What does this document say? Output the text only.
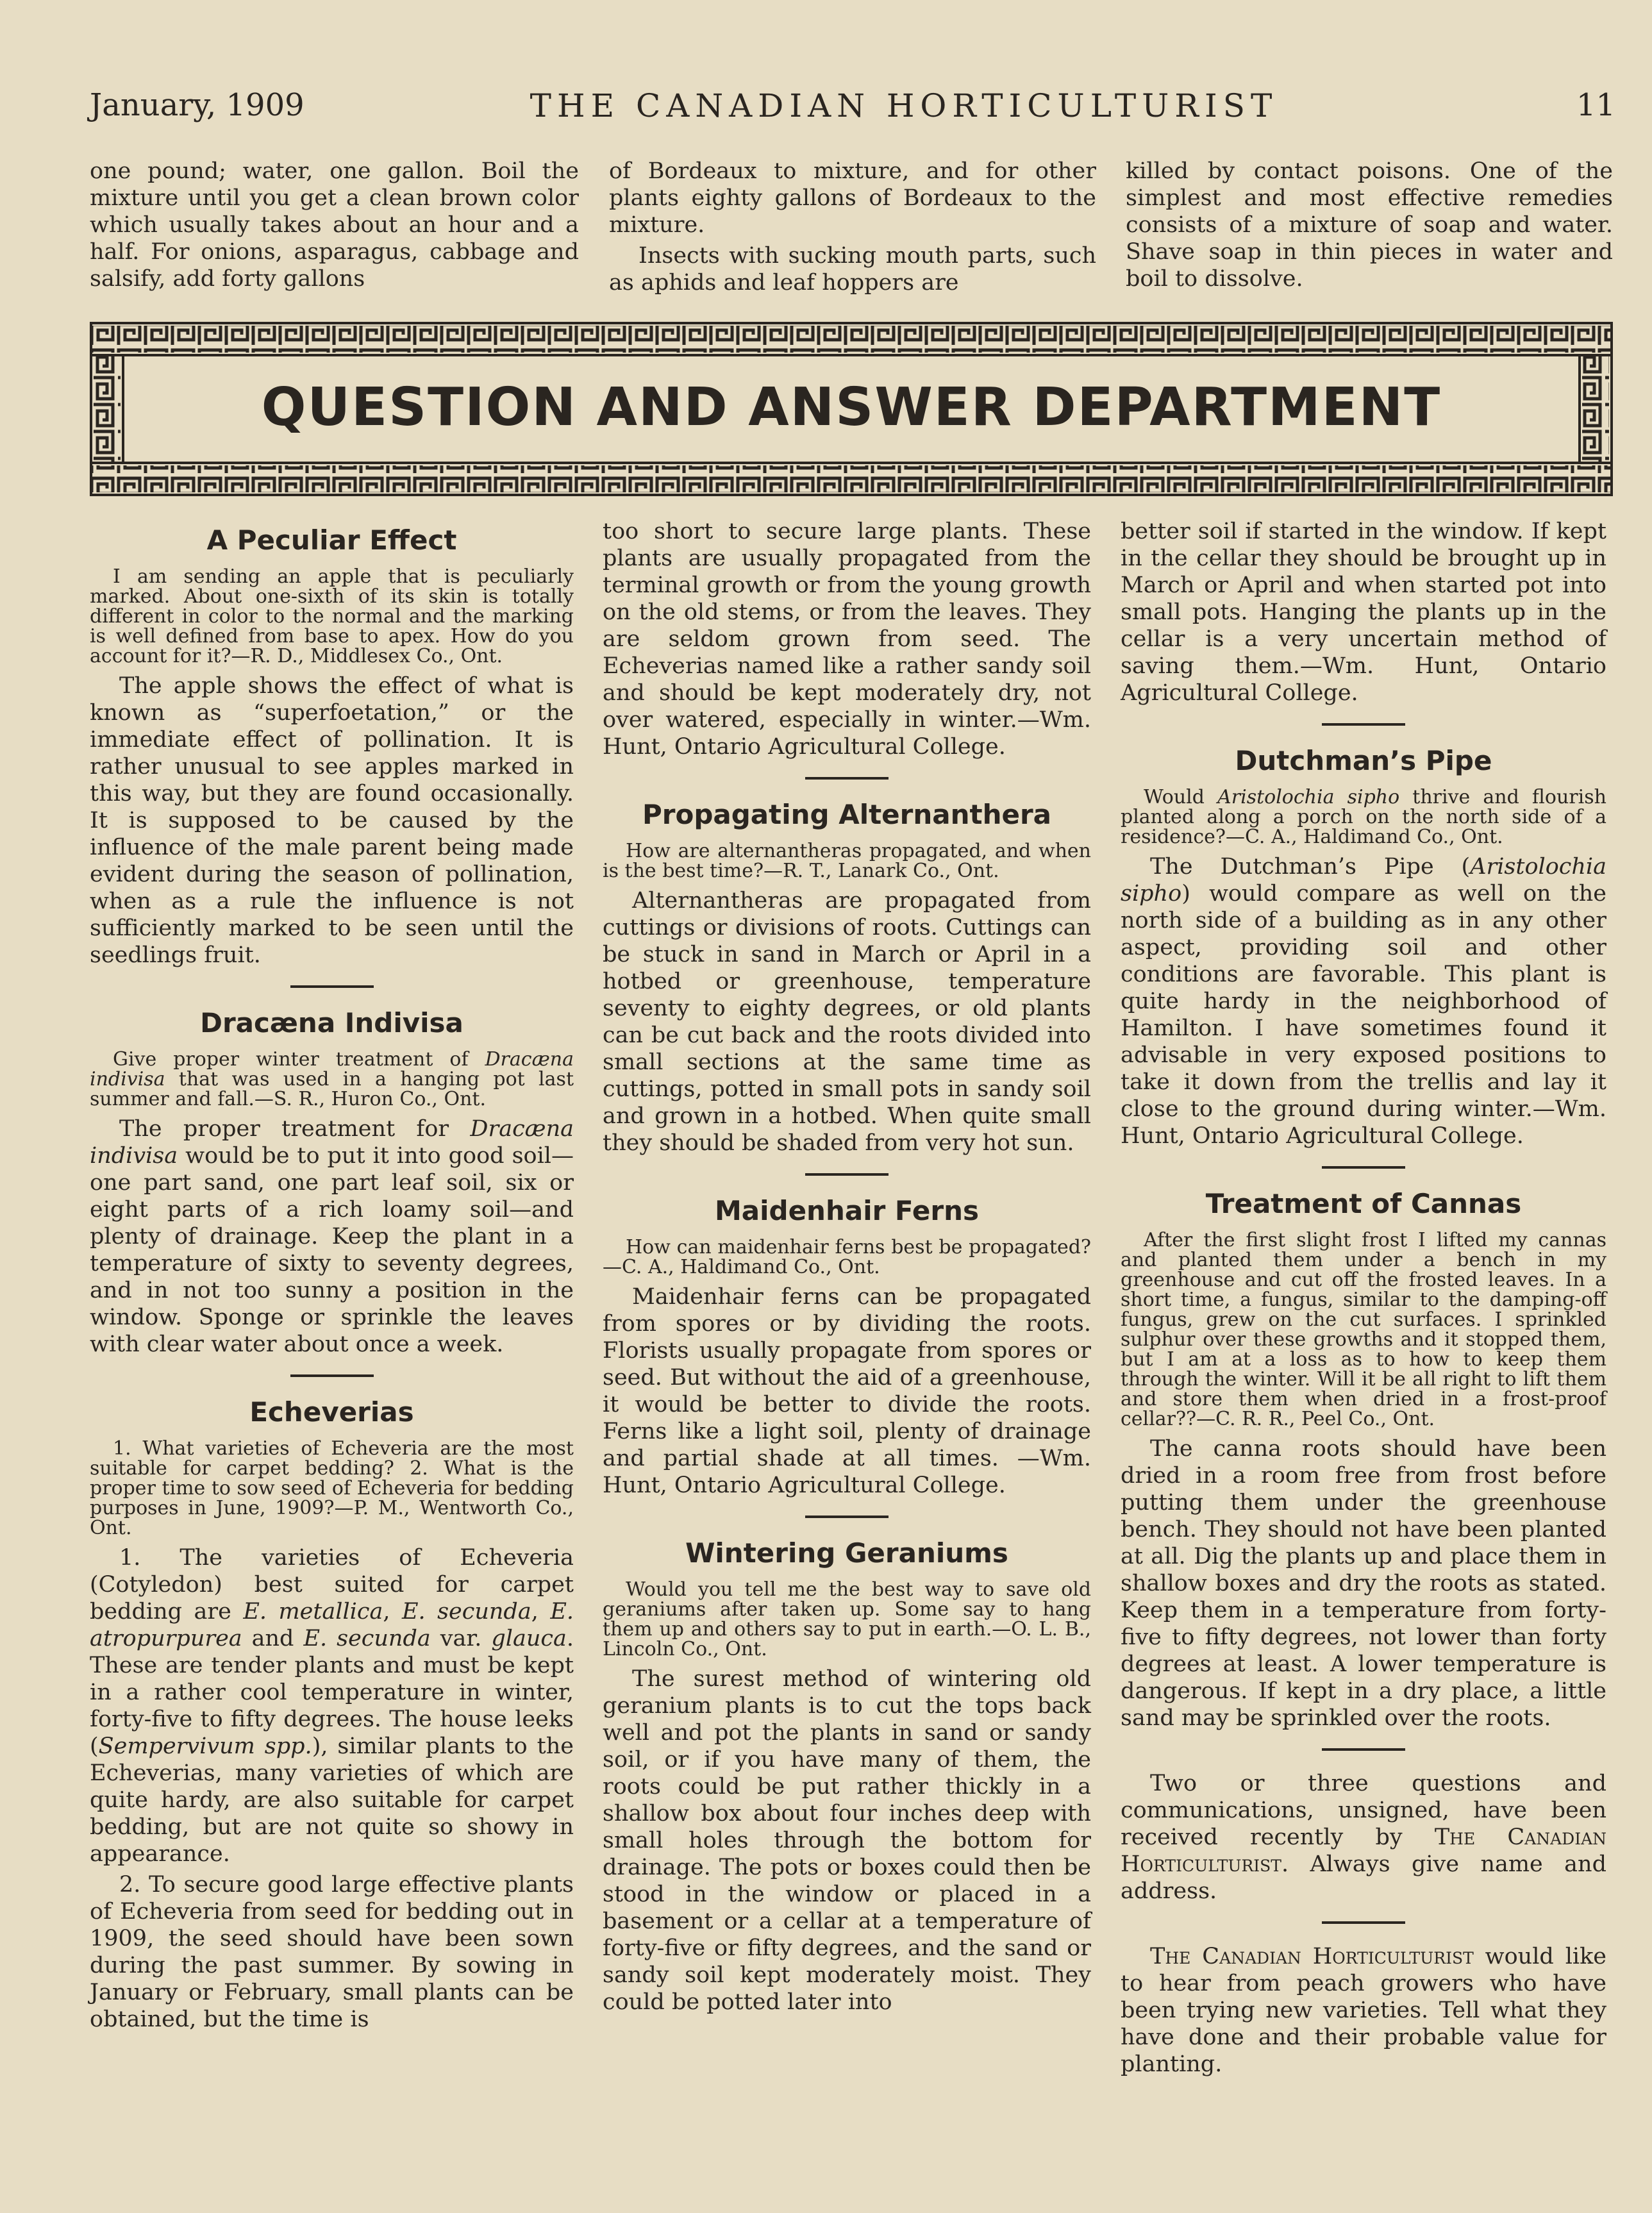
January, 1909	THE CANADIAN HORTICULTURIST	11

one pound; water, one gallon. Boil the mixture until you get a clean brown color which usually takes about an hour and a half. For onions, asparagus, cabbage and salsify, add forty gallons

of Bordeaux to mixture, and for other plants eighty gallons of Bordeaux to the mixture.

Insects with sucking mouth parts, such as aphids and leaf hoppers are

killed by contact poisons. One of the simplest and most effective remedies consists of a mixture of soap and water. Shave soap in thin pieces in water and boil to dissolve.

QUESTION AND ANSWER DEPARTMENT
A Peculiar Effect

I am sending an apple that is peculiarly marked. About one-sixth of its skin is totally different in color to the normal and the marking is well defined from base to apex. How do you account for it?—R. D., Middlesex Co., Ont.

The apple shows the effect of what is known as “superfoetation,” or the immediate effect of pollination. It is rather unusual to see apples marked in this way, but they are found occasionally. It is supposed to be caused by the influence of the male parent being made evident during the season of pollination, when as a rule the influence is not sufficiently marked to be seen until the seedlings fruit.

Dracæna Indivisa

Give proper winter treatment of Dracæna indivisa that was used in a hanging pot last summer and fall.—S. R., Huron Co., Ont.

The proper treatment for Dracæna indivisa would be to put it into good soil—one part sand, one part leaf soil, six or eight parts of a rich loamy soil—and plenty of drainage. Keep the plant in a temperature of sixty to seventy degrees, and in not too sunny a position in the window. Sponge or sprinkle the leaves with clear water about once a week.

Echeverias

1. What varieties of Echeveria are the most suitable for carpet bedding? 2. What is the proper time to sow seed of Echeveria for bedding purposes in June, 1909?—P. M., Wentworth Co., Ont.

1. The varieties of Echeveria (Cotyledon) best suited for carpet bedding are E. metallica, E. secunda, E. atropurpurea and E. secunda var. glauca. These are tender plants and must be kept in a rather cool temperature in winter, forty-five to fifty degrees. The house leeks (Sempervivum spp.), similar plants to the Echeverias, many varieties of which are quite hardy, are also suitable for carpet bedding, but are not quite so showy in appearance.

2. To secure good large effective plants of Echeveria from seed for bedding out in 1909, the seed should have been sown during the past summer. By sowing in January or February, small plants can be obtained, but the time is

too short to secure large plants. These plants are usually propagated from the terminal growth or from the young growth on the old stems, or from the leaves. They are seldom grown from seed. The Echeverias named like a rather sandy soil and should be kept moderately dry, not over watered, especially in winter.—Wm. Hunt, Ontario Agricultural College.

Propagating Alternanthera

How are alternantheras propagated, and when is the best time?—R. T., Lanark Co., Ont.

Alternantheras are propagated from cuttings or divisions of roots. Cuttings can be stuck in sand in March or April in a hotbed or greenhouse, temperature seventy to eighty degrees, or old plants can be cut back and the roots divided into small sections at the same time as cuttings, potted in small pots in sandy soil and grown in a hotbed. When quite small they should be shaded from very hot sun.

Maidenhair Ferns

How can maidenhair ferns best be propagated?—C. A., Haldimand Co., Ont.

Maidenhair ferns can be propagated from spores or by dividing the roots. Florists usually propagate from spores or seed. But without the aid of a greenhouse, it would be better to divide the roots. Ferns like a light soil, plenty of drainage and partial shade at all times. —Wm. Hunt, Ontario Agricultural College.

Wintering Geraniums

Would you tell me the best way to save old geraniums after taken up. Some say to hang them up and others say to put in earth.—O. L. B., Lincoln Co., Ont.

The surest method of wintering old geranium plants is to cut the tops back well and pot the plants in sand or sandy soil, or if you have many of them, the roots could be put rather thickly in a shallow box about four inches deep with small holes through the bottom for drainage. The pots or boxes could then be stood in the window or placed in a basement or a cellar at a temperature of forty-five or fifty degrees, and the sand or sandy soil kept moderately moist. They could be potted later into

better soil if started in the window. If kept in the cellar they should be brought up in March or April and when started pot into small pots. Hanging the plants up in the cellar is a very uncertain method of saving them.—Wm. Hunt, Ontario Agricultural College.

Dutchman’s Pipe

Would Aristolochia sipho thrive and flourish planted along a porch on the north side of a residence?—C. A., Haldimand Co., Ont.

The Dutchman’s Pipe (Aristolochia sipho) would compare as well on the north side of a building as in any other aspect, providing soil and other conditions are favorable. This plant is quite hardy in the neighborhood of Hamilton. I have sometimes found it advisable in very exposed positions to take it down from the trellis and lay it close to the ground during winter.—Wm. Hunt, Ontario Agricultural College.

Treatment of Cannas

After the first slight frost I lifted my cannas and planted them under a bench in my greenhouse and cut off the frosted leaves. In a short time, a fungus, similar to the damping-off fungus, grew on the cut surfaces. I sprinkled sulphur over these growths and it stopped them, but I am at a loss as to how to keep them through the winter. Will it be all right to lift them and store them when dried in a frost-proof cellar??—C. R. R., Peel Co., Ont.

The canna roots should have been dried in a room free from frost before putting them under the greenhouse bench. They should not have been planted at all. Dig the plants up and place them in shallow boxes and dry the roots as stated. Keep them in a temperature from forty-five to fifty degrees, not lower than forty degrees at least. A lower temperature is dangerous. If kept in a dry place, a little sand may be sprinkled over the roots.

Two or three questions and communications, unsigned, have been received recently by The Canadian Horticulturist. Always give name and address.

The Canadian Horticulturist would like to hear from peach growers who have been trying new varieties. Tell what they have done and their probable value for planting.
